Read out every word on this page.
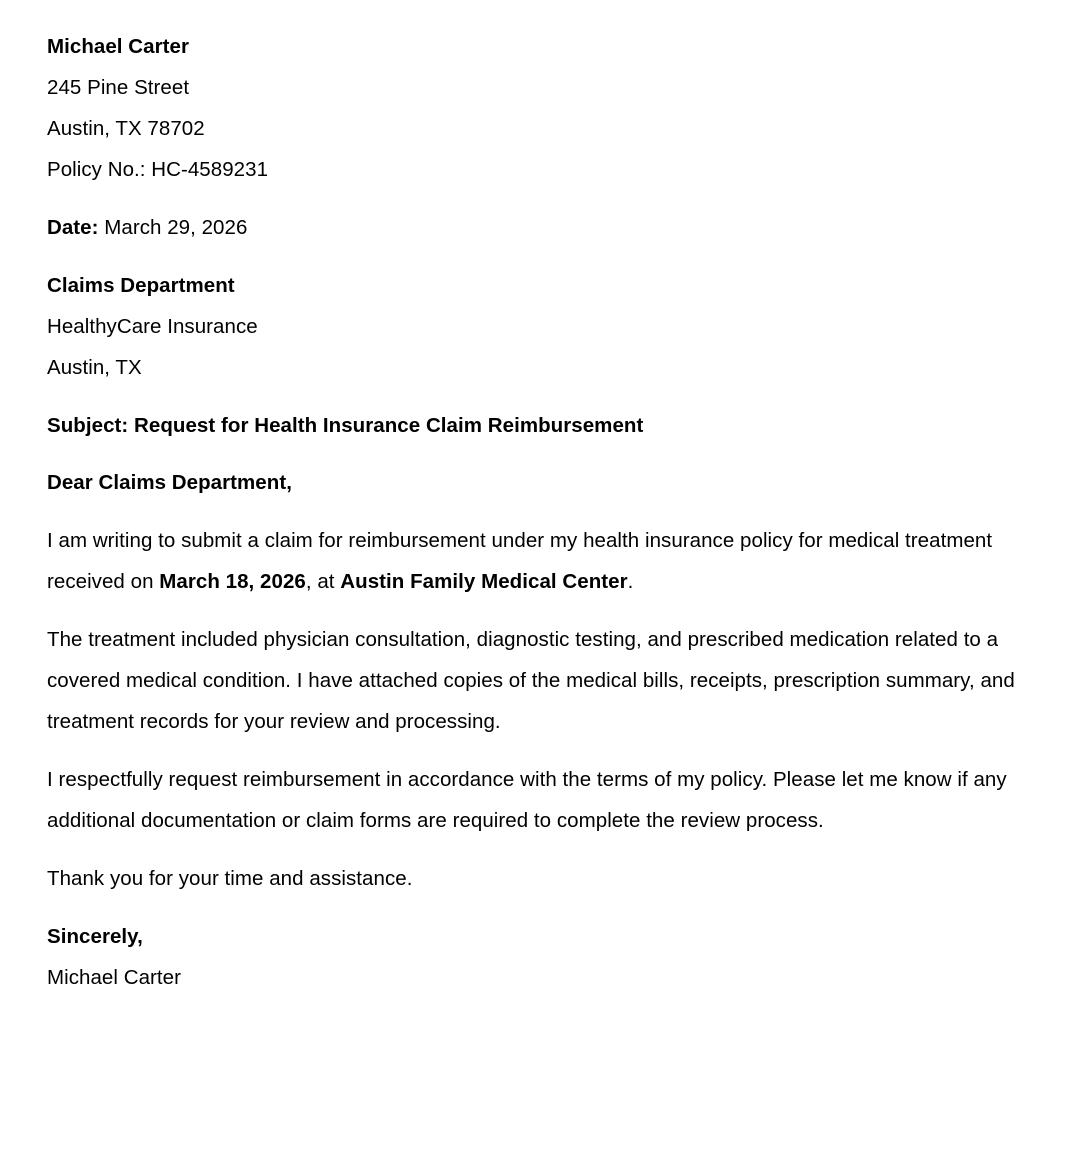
Michael Carter
245 Pine Street
Austin, TX 78702
Policy No.: HC-4589231
Date: March 29, 2026
Claims Department
HealthyCare Insurance
Austin, TX
Subject: Request for Health Insurance Claim Reimbursement
Dear Claims Department,

I am writing to submit a claim for reimbursement under my health insurance policy for medical treatment received on March 18, 2026, at Austin Family Medical Center.

The treatment included physician consultation, diagnostic testing, and prescribed medication related to a covered medical condition. I have attached copies of the medical bills, receipts, prescription summary, and treatment records for your review and processing.

I respectfully request reimbursement in accordance with the terms of my policy. Please let me know if any additional documentation or claim forms are required to complete the review process.

Thank you for your time and assistance.

Sincerely,
Michael Carter
